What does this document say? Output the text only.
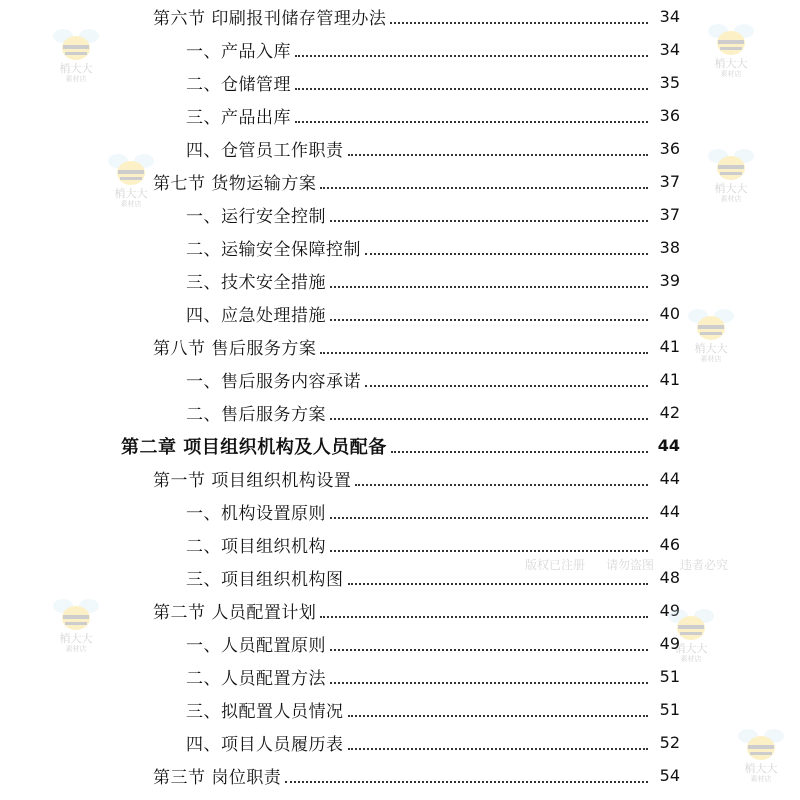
第六节 印刷报刊储存管理办法	34
一、产品入库	34
二、仓储管理	35
三、产品出库	36
四、仓管员工作职责	36
第七节 货物运输方案	37
一、运行安全控制	37
二、运输安全保障控制	38
三、技术安全措施	39
四、应急处理措施	40
第八节 售后服务方案	41
一、售后服务内容承诺	41
二、售后服务方案	42
第二章 项目组织机构及人员配备	44
第一节 项目组织机构设置	44
一、机构设置原则	44
二、项目组织机构	46
三、项目组织机构图	48
第二节 人员配置计划	49
一、人员配置原则	49
二、人员配置方法	51
三、拟配置人员情况	51
四、项目人员履历表	52
第三节 岗位职责	54
梢大大
素材店
梢大大
素材店
梢大大
素材店
梢大大
素材店
梢大大
素材店
梢大大
素材店	梢大大
素材店
梢大大
素材店
版权已注册 请勿盗图 违者必究
